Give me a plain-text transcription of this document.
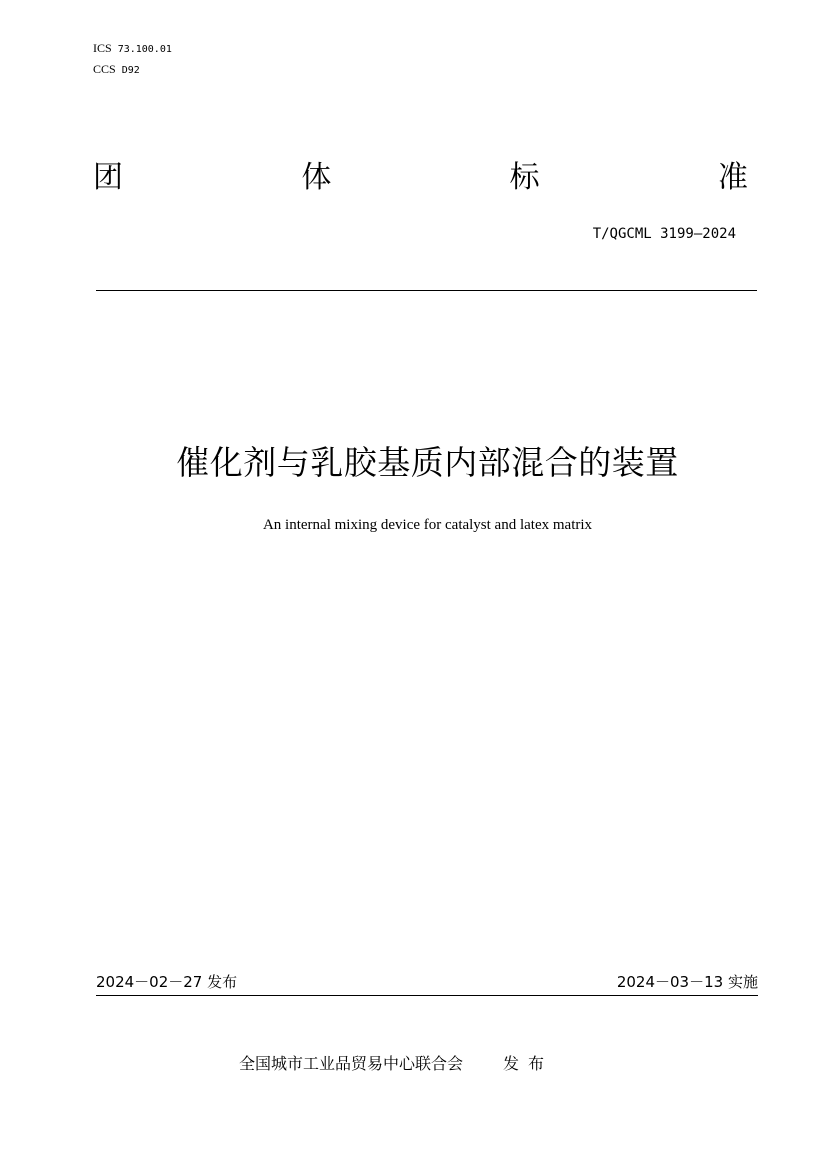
ICS 73.100.01
CCS D92
团	体	标	准
T/QGCML 3199—2024
催化剂与乳胶基质内部混合的装置
An internal mixing device for catalyst and latex matrix
2024－02－27 发布	2024－03－13 实施
全国城市工业品贸易中心联合会	发布
